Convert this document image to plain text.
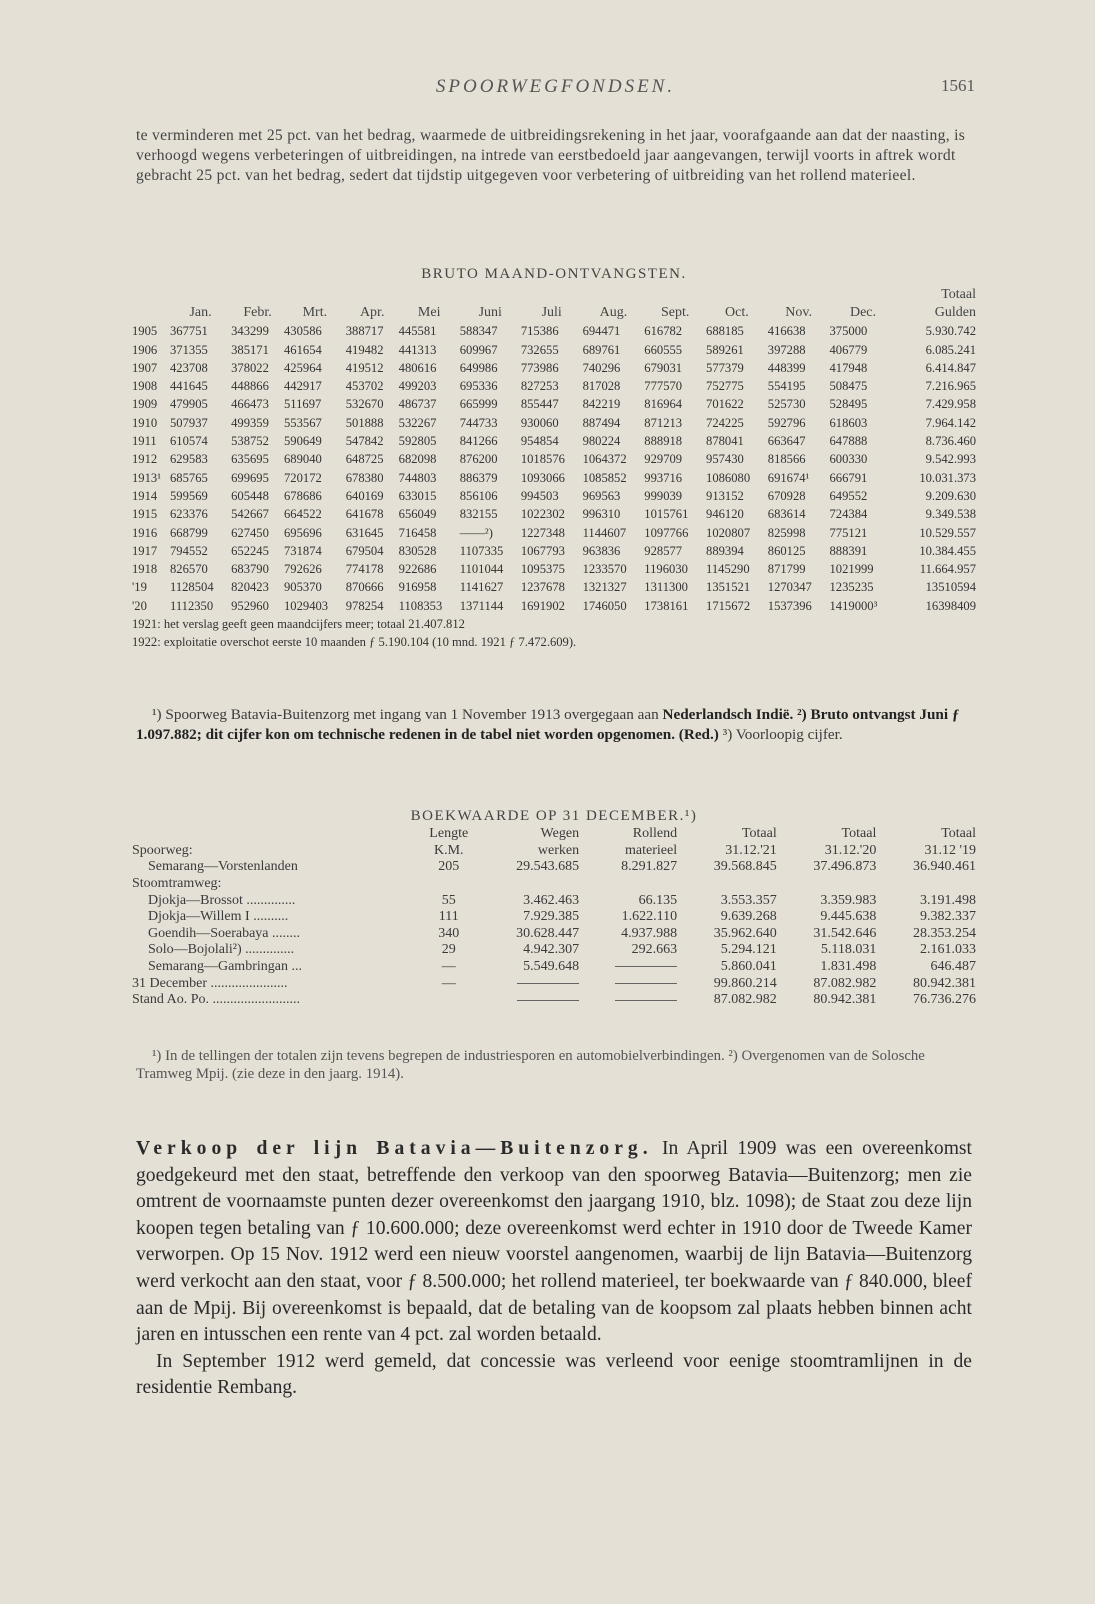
SPOORWEGFONDSEN.	1561
te verminderen met 25 pct. van het bedrag, waarmede de uitbreidingsrekening in het jaar, voorafgaande aan dat der naasting, is verhoogd wegens verbeteringen of uitbreidingen, na intrede van eerstbedoeld jaar aangevangen, terwijl voorts in aftrek wordt gebracht 25 pct. van het bedrag, sedert dat tijdstip uitgegeven voor verbetering of uitbreiding van het rollend materieel.
BRUTO MAAND-ONTVANGSTEN.
													Totaal
	Jan.	Febr.	Mrt.	Apr.	Mei	Juni	Juli	Aug.	Sept.	Oct.	Nov.	Dec.	Gulden
1905	367751	343299	430586	388717	445581	588347	715386	694471	616782	688185	416638	375000	5.930.742
1906	371355	385171	461654	419482	441313	609967	732655	689761	660555	589261	397288	406779	6.085.241
1907	423708	378022	425964	419512	480616	649986	773986	740296	679031	577379	448399	417948	6.414.847
1908	441645	448866	442917	453702	499203	695336	827253	817028	777570	752775	554195	508475	7.216.965
1909	479905	466473	511697	532670	486737	665999	855447	842219	816964	701622	525730	528495	7.429.958
1910	507937	499359	553567	501888	532267	744733	930060	887494	871213	724225	592796	618603	7.964.142
1911	610574	538752	590649	547842	592805	841266	954854	980224	888918	878041	663647	647888	8.736.460
1912	629583	635695	689040	648725	682098	876200	1018576	1064372	929709	957430	818566	600330	9.542.993
1913¹	685765	699695	720172	678380	744803	886379	1093066	1085852	993716	1086080	691674¹	666791	10.031.373
1914	599569	605448	678686	640169	633015	856106	994503	969563	999039	913152	670928	649552	9.209.630
1915	623376	542667	664522	641678	656049	832155	1022302	996310	1015761	946120	683614	724384	9.349.538
1916	668799	627450	695696	631645	716458	——²)	1227348	1144607	1097766	1020807	825998	775121	10.529.557
1917	794552	652245	731874	679504	830528	1107335	1067793	963836	928577	889394	860125	888391	10.384.455
1918	826570	683790	792626	774178	922686	1101044	1095375	1233570	1196030	1145290	871799	1021999	11.664.957
'19	1128504	820423	905370	870666	916958	1141627	1237678	1321327	1311300	1351521	1270347	1235235	13510594
'20	1112350	952960	1029403	978254	1108353	1371144	1691902	1746050	1738161	1715672	1537396	1419000³	16398409
1921: het verslag geeft geen maandcijfers meer; totaal 21.407.812													
1922: exploitatie overschot eerste 10 maanden ƒ 5.190.104 (10 mnd. 1921 ƒ 7.472.609).													
¹) Spoorweg Batavia-Buitenzorg met ingang van 1 November 1913 overgegaan aan Nederlandsch Indië. ²) Bruto ontvangst Juni ƒ 1.097.882; dit cijfer kon om technische redenen in de tabel niet worden opgenomen. (Red.) ³) Voorloopig cijfer.
BOEKWAARDE OP 31 DECEMBER.¹)
	Lengte	Wegen	Rollend	Totaal	Totaal	Totaal
Spoorweg:	K.M.	werken	materieel	31.12.'21	31.12.'20	31.12 '19
Semarang—Vorstenlanden	205	29.543.685	8.291.827	39.568.845	37.496.873	36.940.461
Stoomtramweg:						
Djokja—Brossot ..............	55	3.462.463	66.135	3.553.357	3.359.983	3.191.498
Djokja—Willem I ..........	111	7.929.385	1.622.110	9.639.268	9.445.638	9.382.337
Goendih—Soerabaya ........	340	30.628.447	4.937.988	35.962.640	31.542.646	28.353.254
Solo—Bojolali²) ..............	29	4.942.307	292.663	5.294.121	5.118.031	2.161.033
Semarang—Gambringan ...	—	5.549.648		5.860.041	1.831.498	646.487
31 December ......................	—			99.860.214	87.082.982	80.942.381
Stand Ao. Po. .........................				87.082.982	80.942.381	76.736.276
¹) In de tellingen der totalen zijn tevens begrepen de industriesporen en automobielverbindingen. ²) Overgenomen van de Solosche Tramweg Mpij. (zie deze in den jaarg. 1914).

Verkoop der lijn Batavia—Buitenzorg. In April 1909 was een overeenkomst goedgekeurd met den staat, betreffende den verkoop van den spoorweg Batavia—Buitenzorg; men zie omtrent de voornaamste punten dezer overeenkomst den jaargang 1910, blz. 1098); de Staat zou deze lijn koopen tegen betaling van ƒ 10.600.000; deze overeenkomst werd echter in 1910 door de Tweede Kamer verworpen. Op 15 Nov. 1912 werd een nieuw voorstel aangenomen, waarbij de lijn Batavia—Buitenzorg werd verkocht aan den staat, voor ƒ 8.500.000; het rollend materieel, ter boekwaarde van ƒ 840.000, bleef aan de Mpij. Bij overeenkomst is bepaald, dat de betaling van de koopsom zal plaats hebben binnen acht jaren en intusschen een rente van 4 pct. zal worden betaald.

In September 1912 werd gemeld, dat concessie was verleend voor eenige stoomtramlijnen in de residentie Rembang.
